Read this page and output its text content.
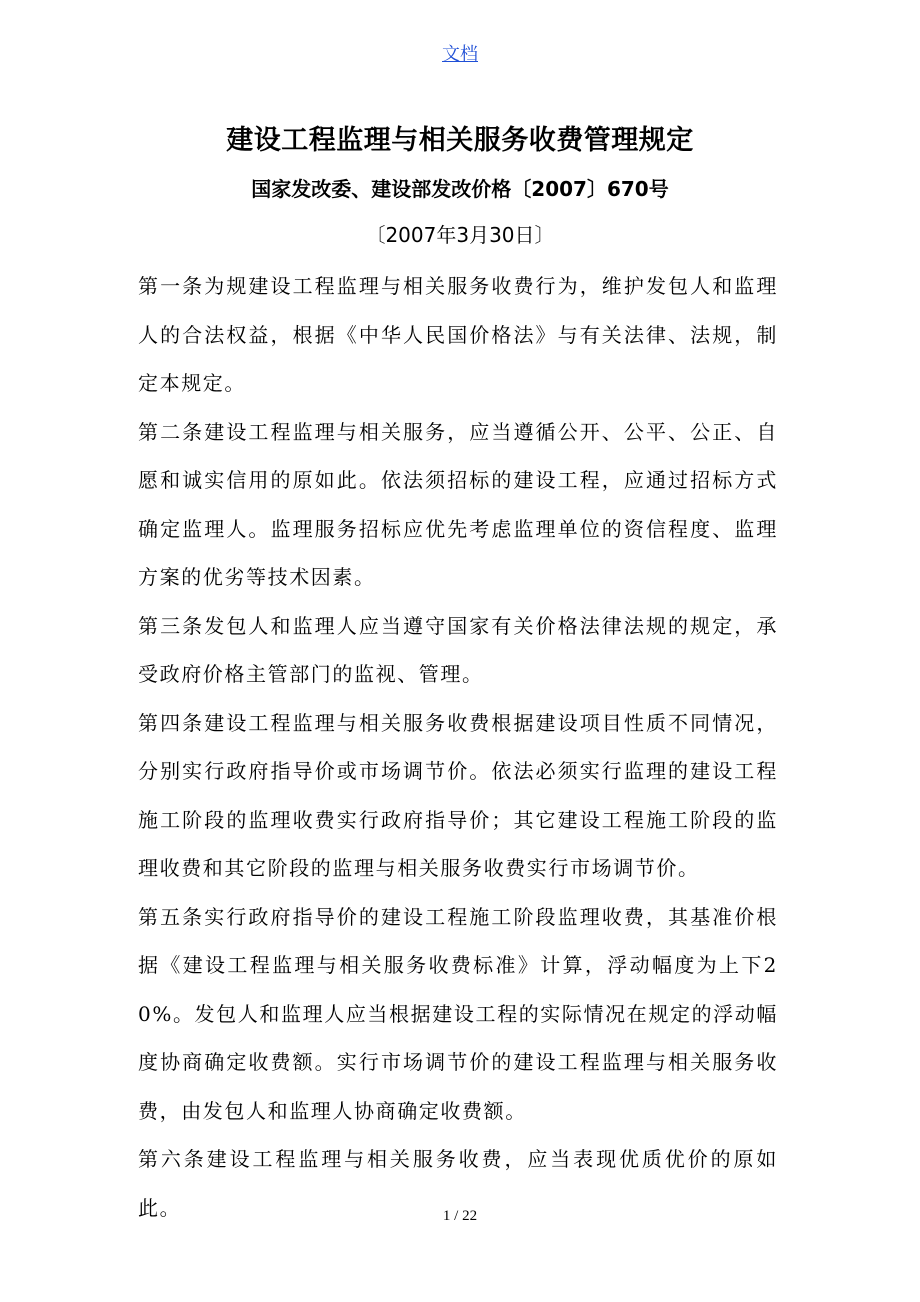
文档
建设工程监理与相关服务收费管理规定
国家发改委、建设部发改价格〔2007〕670号

〔2007年3月30日〕

第一条为规建设工程监理与相关服务收费行为，维护发包人和监理人的合法权益，根据《中华人民国价格法》与有关法律、法规，制定本规定。

第二条建设工程监理与相关服务，应当遵循公开、公平、公正、自愿和诚实信用的原如此。依法须招标的建设工程，应通过招标方式确定监理人。监理服务招标应优先考虑监理单位的资信程度、监理方案的优劣等技术因素。

第三条发包人和监理人应当遵守国家有关价格法律法规的规定，承受政府价格主管部门的监视、管理。

第四条建设工程监理与相关服务收费根据建设项目性质不同情况，分别实行政府指导价或市场调节价。依法必须实行监理的建设工程施工阶段的监理收费实行政府指导价；其它建设工程施工阶段的监理收费和其它阶段的监理与相关服务收费实行市场调节价。

第五条实行政府指导价的建设工程施工阶段监理收费，其基准价根据《建设工程监理与相关服务收费标准》计算，浮动幅度为上下20%。发包人和监理人应当根据建设工程的实际情况在规定的浮动幅度协商确定收费额。实行市场调节价的建设工程监理与相关服务收费，由发包人和监理人协商确定收费额。

第六条建设工程监理与相关服务收费，应当表现优质优价的原如此。	1 / 22
